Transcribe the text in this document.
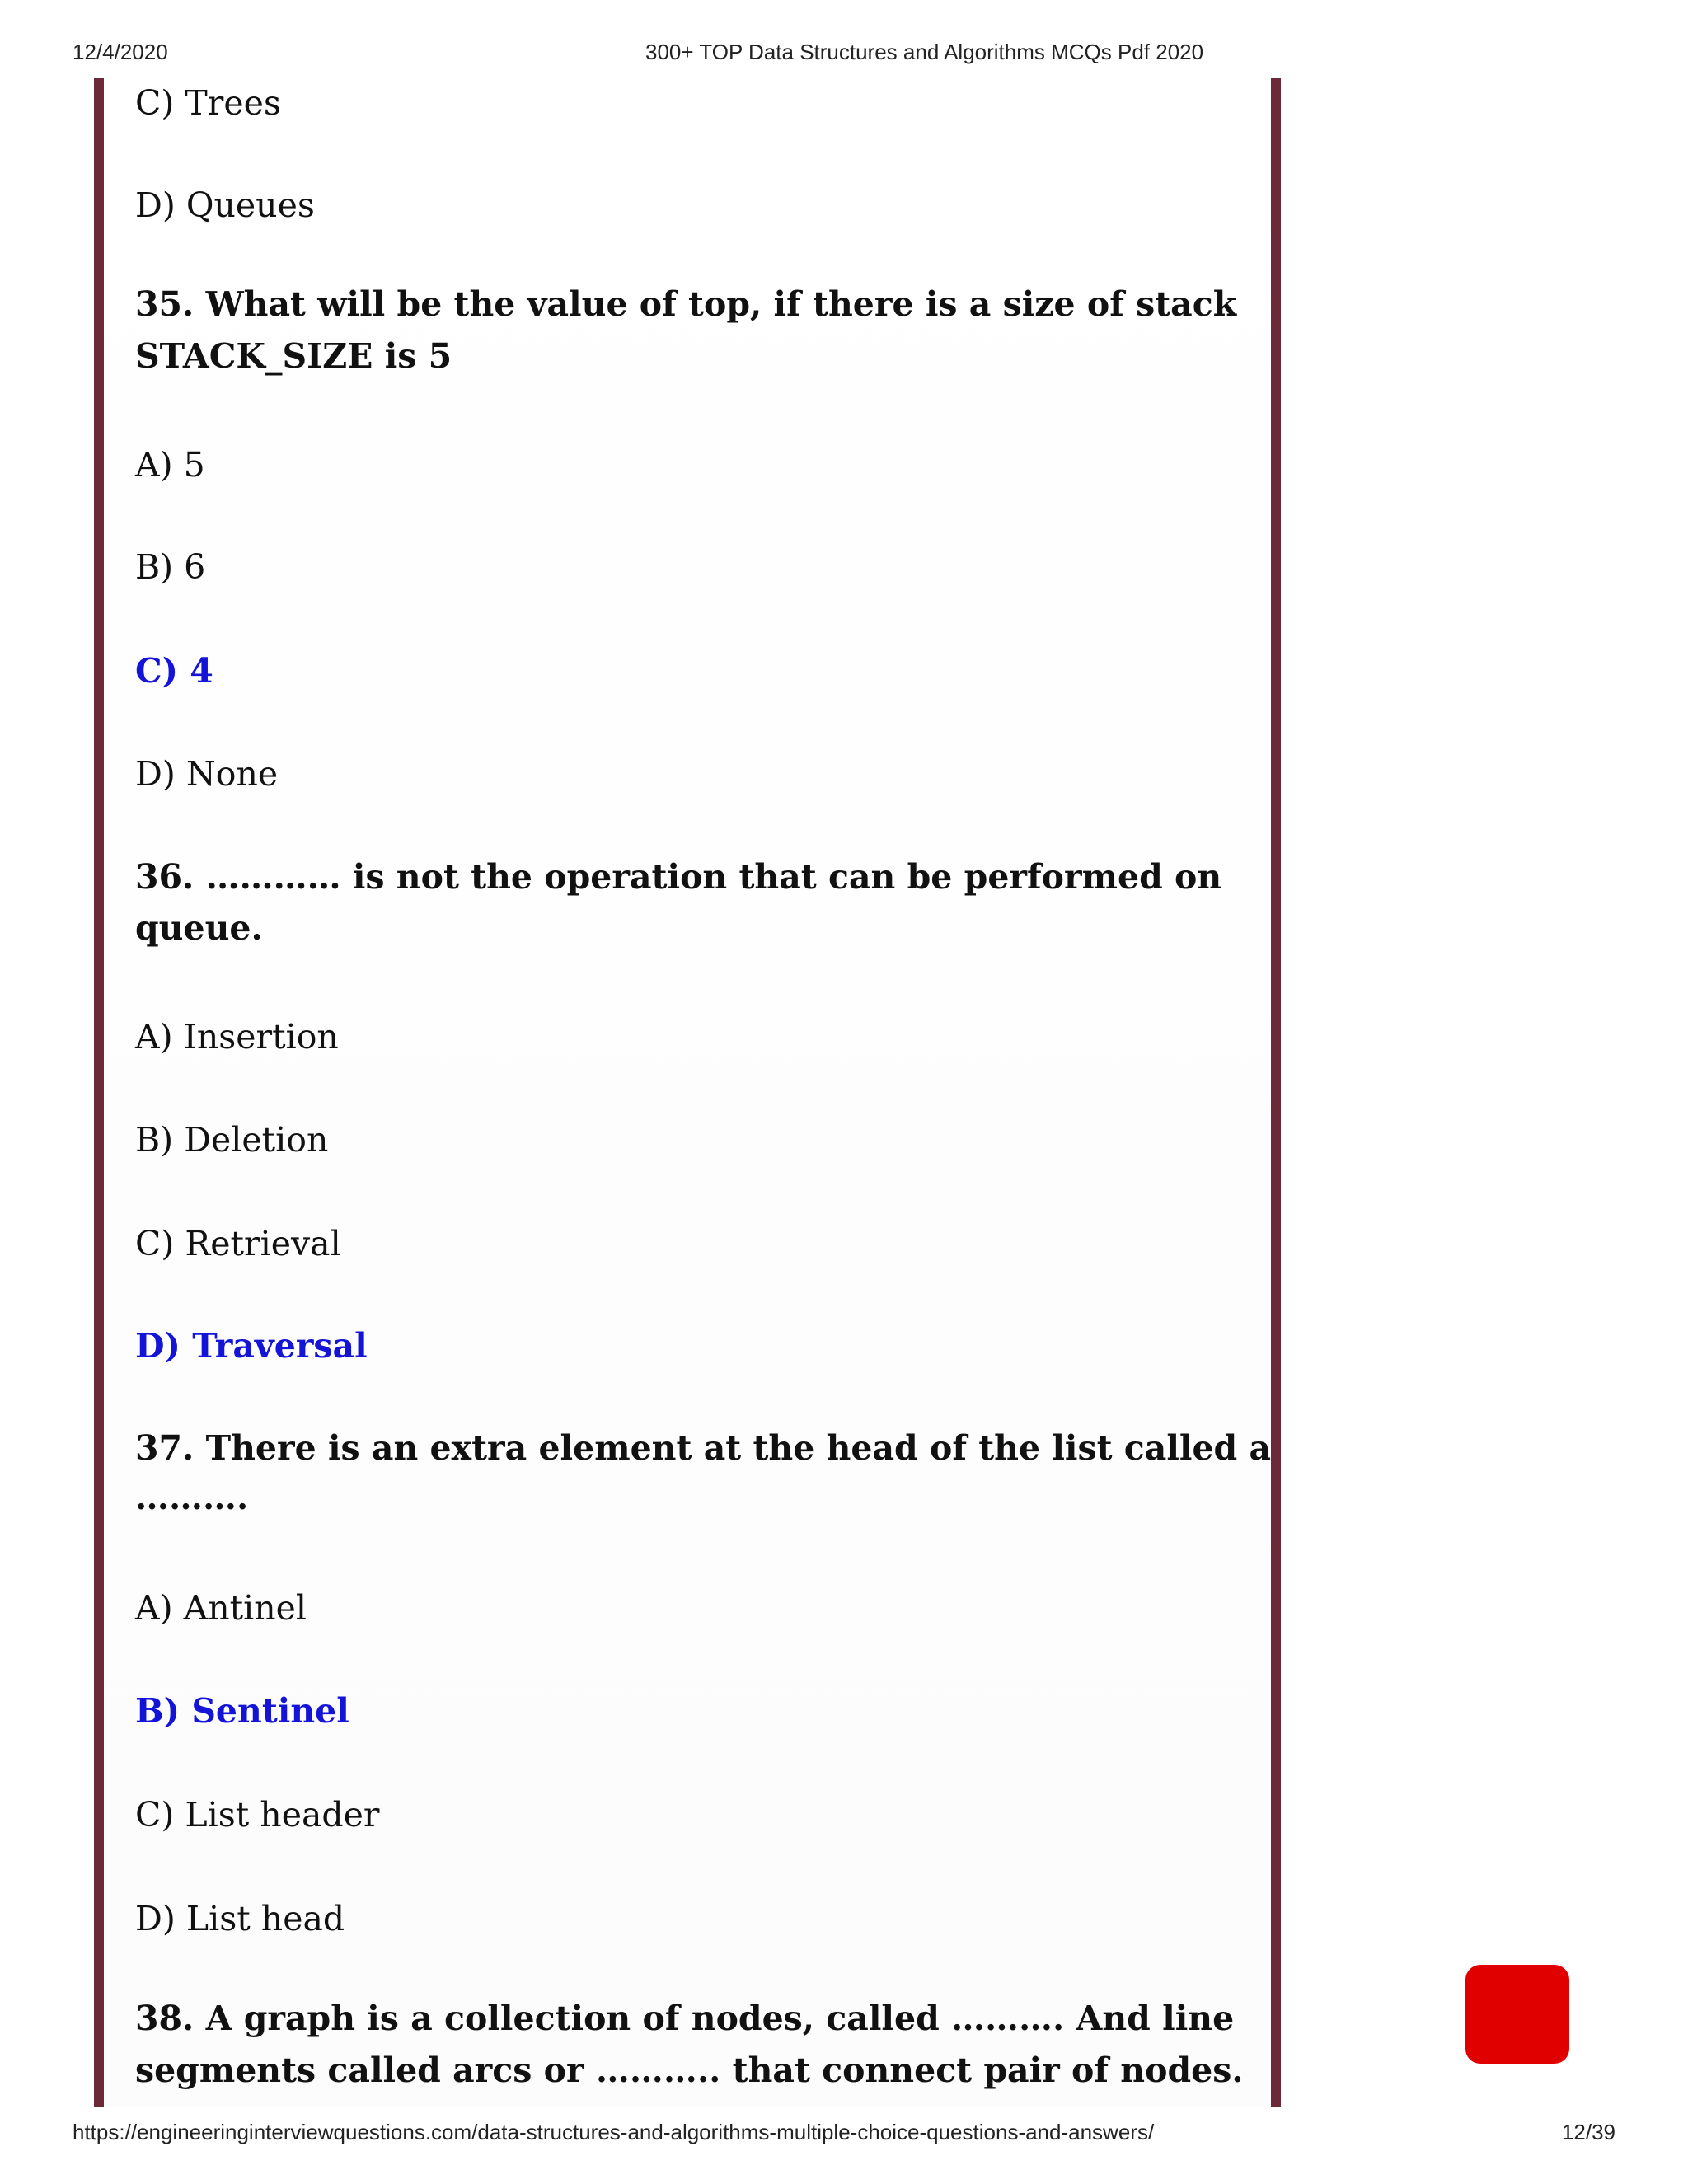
12/4/2020	300+ TOP Data Structures and Algorithms MCQs Pdf 2020
C) Trees
D) Queues
35. What will be the value of top, if there is a size of stack
STACK_SIZE is 5
A) 5
B) 6
C) 4
D) None
36. ………… is not the operation that can be performed on
queue.
A) Insertion
B) Deletion
C) Retrieval
D) Traversal
37. There is an extra element at the head of the list called a
……….
A) Antinel
B) Sentinel
C) List header
D) List head
38. A graph is a collection of nodes, called ………. And line
segments called arcs or ……….. that connect pair of nodes.
https://engineeringinterviewquestions.com/data-structures-and-algorithms-multiple-choice-questions-and-answers/	12/39
